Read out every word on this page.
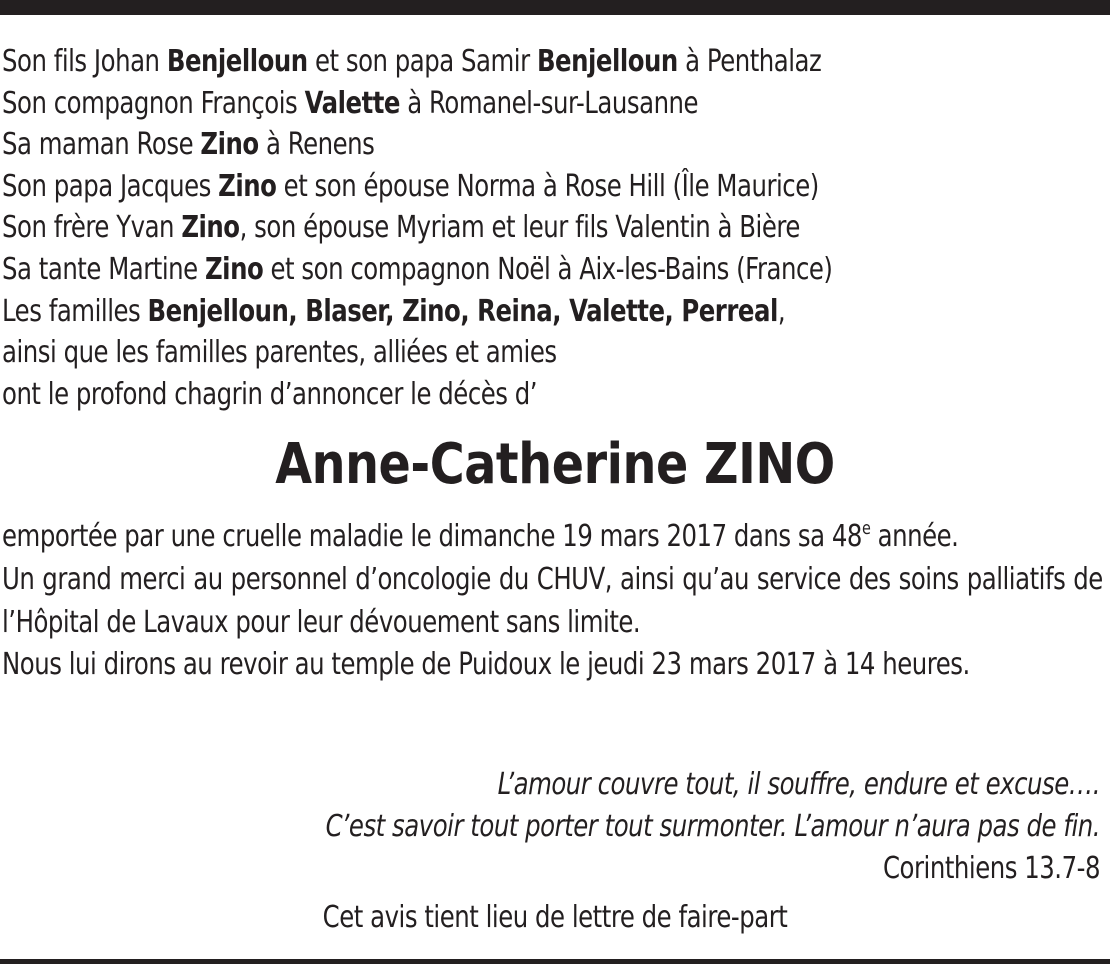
Son fils Johan Benjelloun et son papa Samir Benjelloun à Penthalaz
Son compagnon François Valette à Romanel-sur-Lausanne
Sa maman Rose Zino à Renens
Son papa Jacques Zino et son épouse Norma à Rose Hill (Île Maurice)
Son frère Yvan Zino, son épouse Myriam et leur fils Valentin à Bière
Sa tante Martine Zino et son compagnon Noël à Aix-les-Bains (France)
Les familles Benjelloun, Blaser, Zino, Reina, Valette, Perreal,
ainsi que les familles parentes, alliées et amies
ont le profond chagrin d’annoncer le décès d’
Anne-Catherine ZINO

emportée par une cruelle maladie le dimanche 19 mars 2017 dans sa 48e année.

Un grand merci au personnel d’oncologie du CHUV, ainsi qu’au service des soins palliatifs de l’Hôpital de Lavaux pour leur dévouement sans limite.

Nous lui dirons au revoir au temple de Puidoux le jeudi 23 mars 2017 à 14 heures.

L’amour couvre tout, il souffre, endure et excuse….
C’est savoir tout porter tout surmonter. L’amour n’aura pas de fin.
Corinthiens 13.7-8
Cet avis tient lieu de lettre de faire-part
